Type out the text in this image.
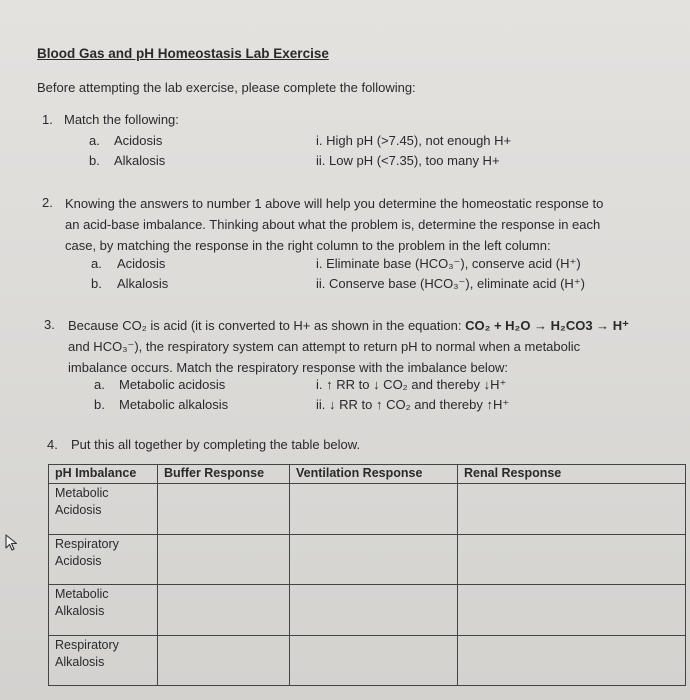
Blood Gas and pH Homeostasis Lab Exercise
Before attempting the lab exercise, please complete the following:
1. Match the following:
a. Acidosis
b. Alkalosis
i. High pH (>7.45), not enough H+
ii. Low pH (<7.35), too many H+
2. Knowing the answers to number 1 above will help you determine the homeostatic response to
an acid-base imbalance. Thinking about what the problem is, determine the response in each
case, by matching the response in the right column to the problem in the left column:
a. Acidosis
b. Alkalosis
i. Eliminate base (HCO₃⁻), conserve acid (H⁺)
ii. Conserve base (HCO₃⁻), eliminate acid (H⁺)
3. Because CO₂ is acid (it is converted to H+ as shown in the equation: CO₂ + H₂O → H₂CO3 → H⁺
and HCO₃⁻), the respiratory system can attempt to return pH to normal when a metabolic
imbalance occurs. Match the respiratory response with the imbalance below:
a. Metabolic acidosis
b. Metabolic alkalosis
i. ↑ RR to ↓ CO₂ and thereby ↓H⁺
ii. ↓ RR to ↑ CO₂ and thereby ↑H⁺
4. Put this all together by completing the table below.
pH Imbalance	Buffer Response	Ventilation Response	Renal Response

Metabolic
Acidosis			

Respiratory
Acidosis			

Metabolic
Alkalosis			

Respiratory
Alkalosis			
